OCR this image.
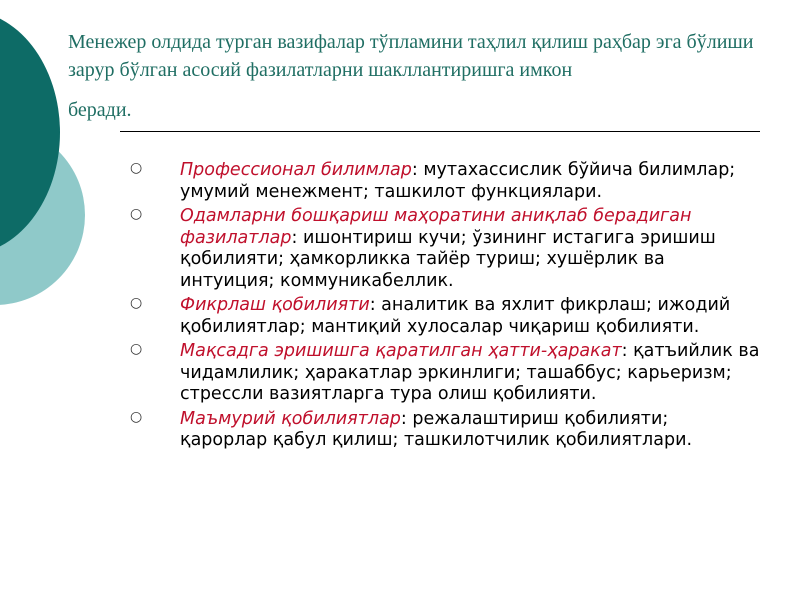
Менежер олдида турган вазифалар тўпламини таҳлил қилиш раҳбар эга бўлиши зарур бўлган асосий фазилатларни шакллантиришга имкон
беради.

○ Профессионал билимлар: мутахассислик бўйича билимлар; умумий менежмент; ташкилот функциялари.
○ Одамларни бошқариш маҳоратини аниқлаб берадиган фазилатлар: ишонтириш кучи; ўзининг истагига эришиш қобилияти; ҳамкорликка тайёр туриш; хушёрлик ва интуиция; коммуникабеллик.
○ Фикрлаш қобилияти: аналитик ва яхлит фикрлаш; ижодий қобилиятлар; мантиқий хулосалар чиқариш қобилияти.
○ Мақсадга эришишга қаратилган ҳатти-ҳаракат: қатъийлик ва чидамлилик; ҳаракатлар эркинлиги; ташаббус; карьеризм; стрессли вазиятларга тура олиш қобилияти.
○ Маъмурий қобилиятлар: режалаштириш қобилияти; қарорлар қабул қилиш; ташкилотчилик қобилиятлари.
